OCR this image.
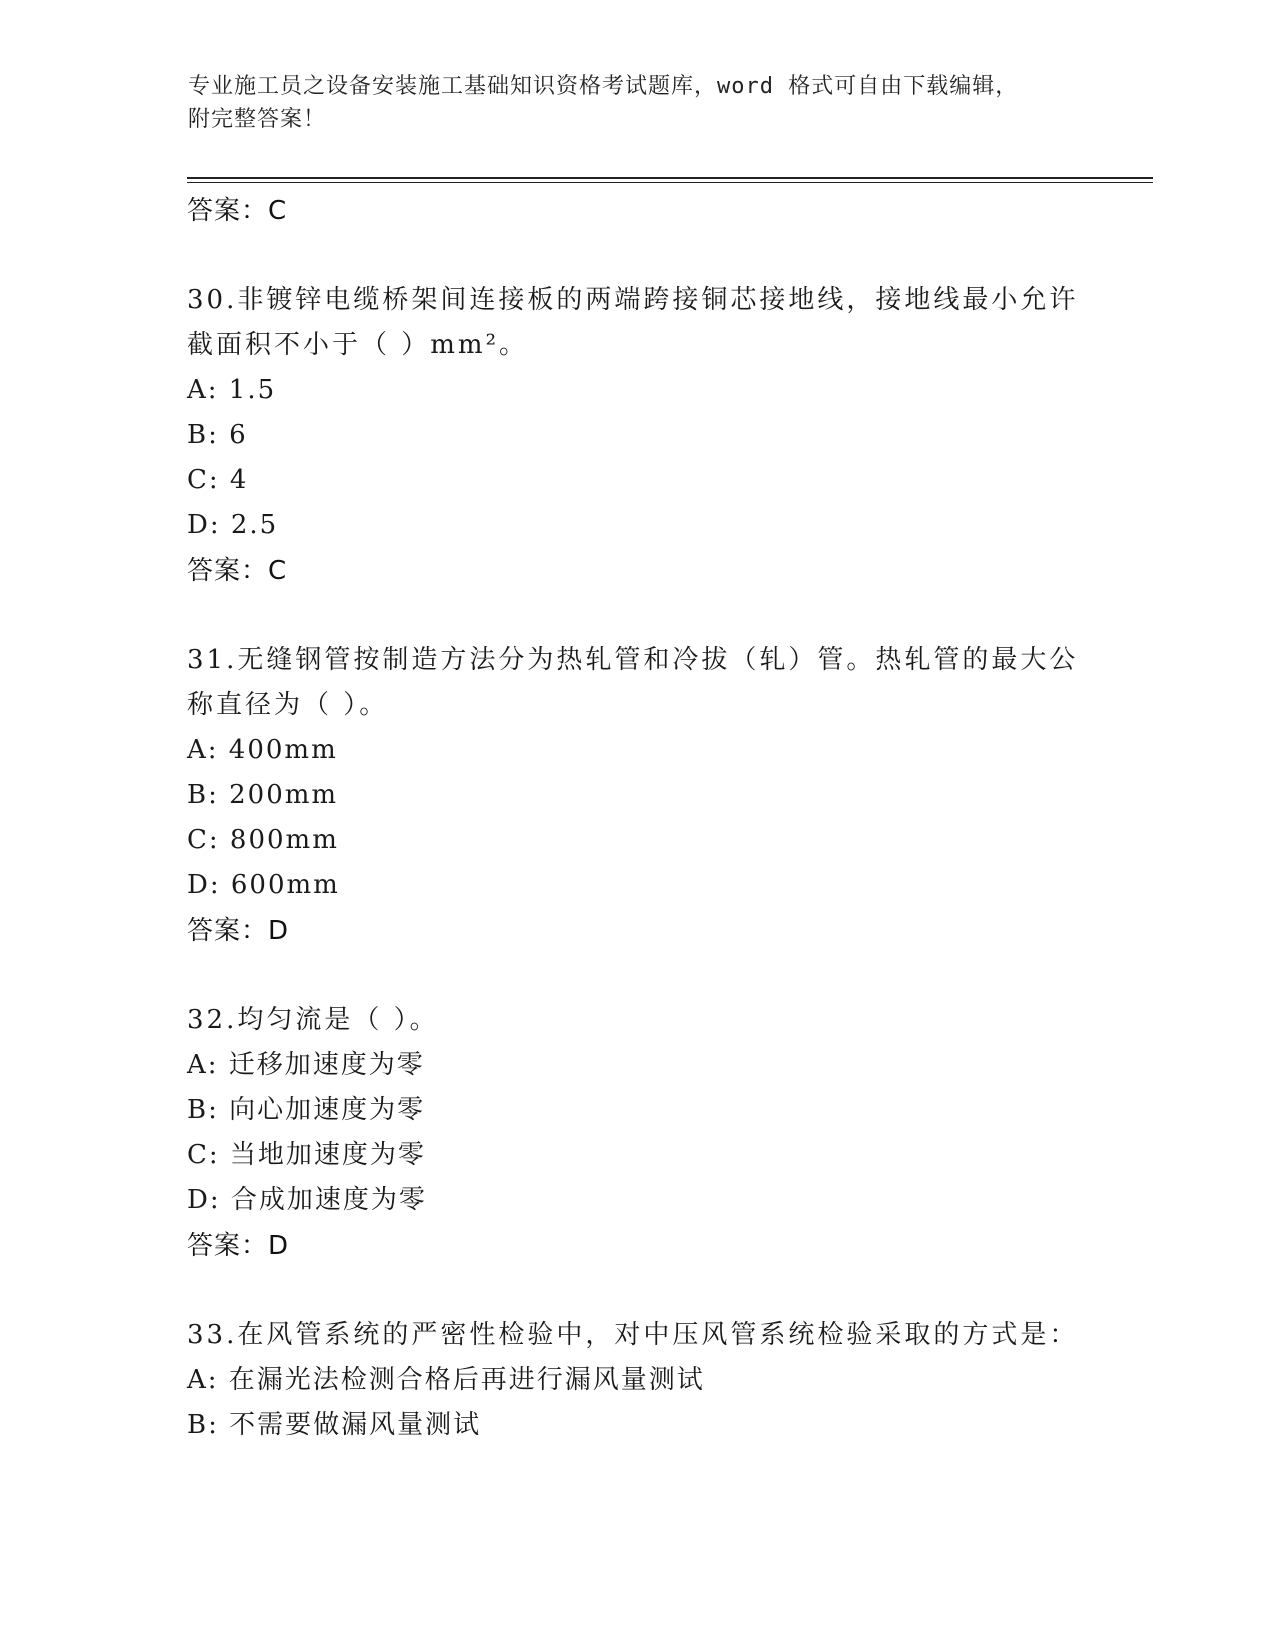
专业施工员之设备安装施工基础知识资格考试题库，word 格式可自由下载编辑，
附完整答案！
答案：C
30.非镀锌电缆桥架间连接板的两端跨接铜芯接地线，接地线最小允许
截面积不小于（ ）mm²。
A: 1.5
B: 6
C: 4
D: 2.5
答案：C
31.无缝钢管按制造方法分为热轧管和冷拔（轧）管。热轧管的最大公
称直径为（ ）。
A: 400mm
B: 200mm
C: 800mm
D: 600mm
答案：D
32.均匀流是（ ）。
A: 迁移加速度为零
B: 向心加速度为零
C: 当地加速度为零
D: 合成加速度为零
答案：D
33.在风管系统的严密性检验中，对中压风管系统检验采取的方式是：
A: 在漏光法检测合格后再进行漏风量测试
B: 不需要做漏风量测试
